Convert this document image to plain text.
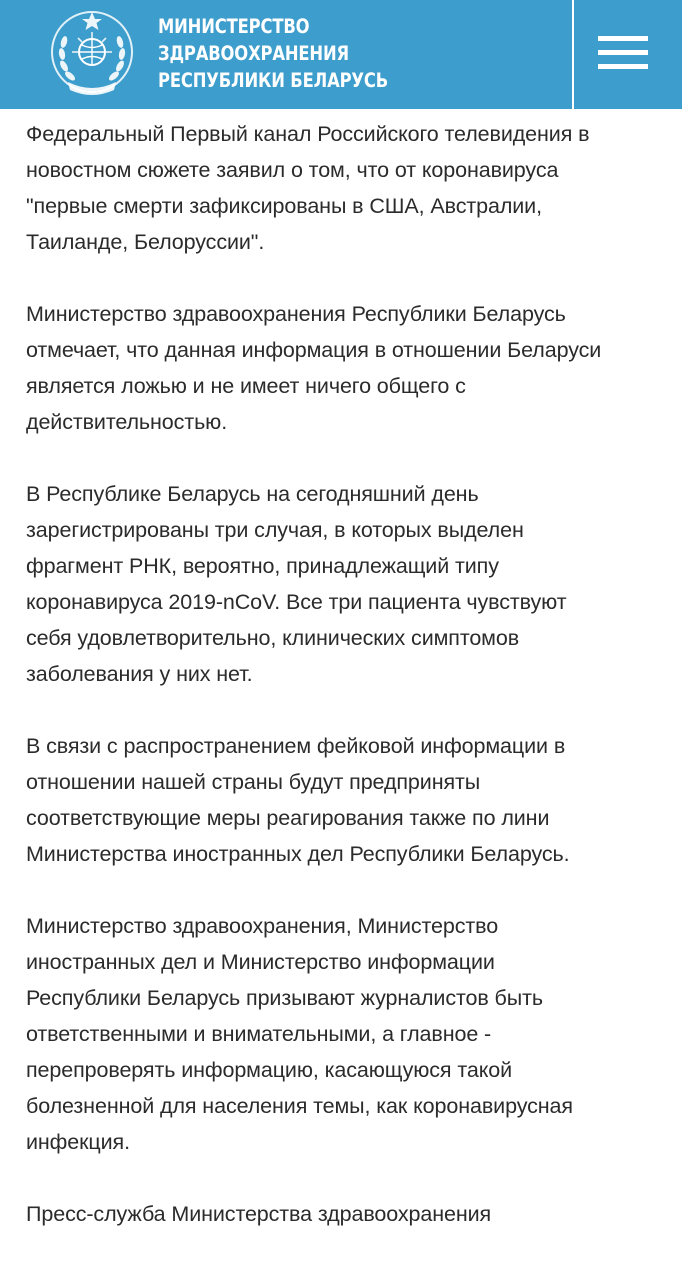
МИНИСТЕРСТВО
ЗДРАВООХРАНЕНИЯ
РЕСПУБЛИКИ БЕЛАРУСЬ

Федеральный Первый канал Российского телевидения в
новостном сюжете заявил о том, что от коронавируса
"первые смерти зафиксированы в США, Австралии,
Таиланде, Белоруссии".

Министерство здравоохранения Республики Беларусь
отмечает, что данная информация в отношении Беларуси
является ложью и не имеет ничего общего с
действительностью.

В Республике Беларусь на сегодняшний день
зарегистрированы три случая, в которых выделен
фрагмент РНК, вероятно, принадлежащий типу
коронавируса 2019-nCoV. Все три пациента чувствуют
себя удовлетворительно, клинических симптомов
заболевания у них нет.

В связи с распространением фейковой информации в
отношении нашей страны будут предприняты
соответствующие меры реагирования также по лини
Министерства иностранных дел Республики Беларусь.

Министерство здравоохранения, Министерство
иностранных дел и Министерство информации
Республики Беларусь призывают журналистов быть
ответственными и внимательными, а главное -
перепроверять информацию, касающуюся такой
болезненной для населения темы, как коронавирусная
инфекция.

Пресс-служба Министерства здравоохранения
